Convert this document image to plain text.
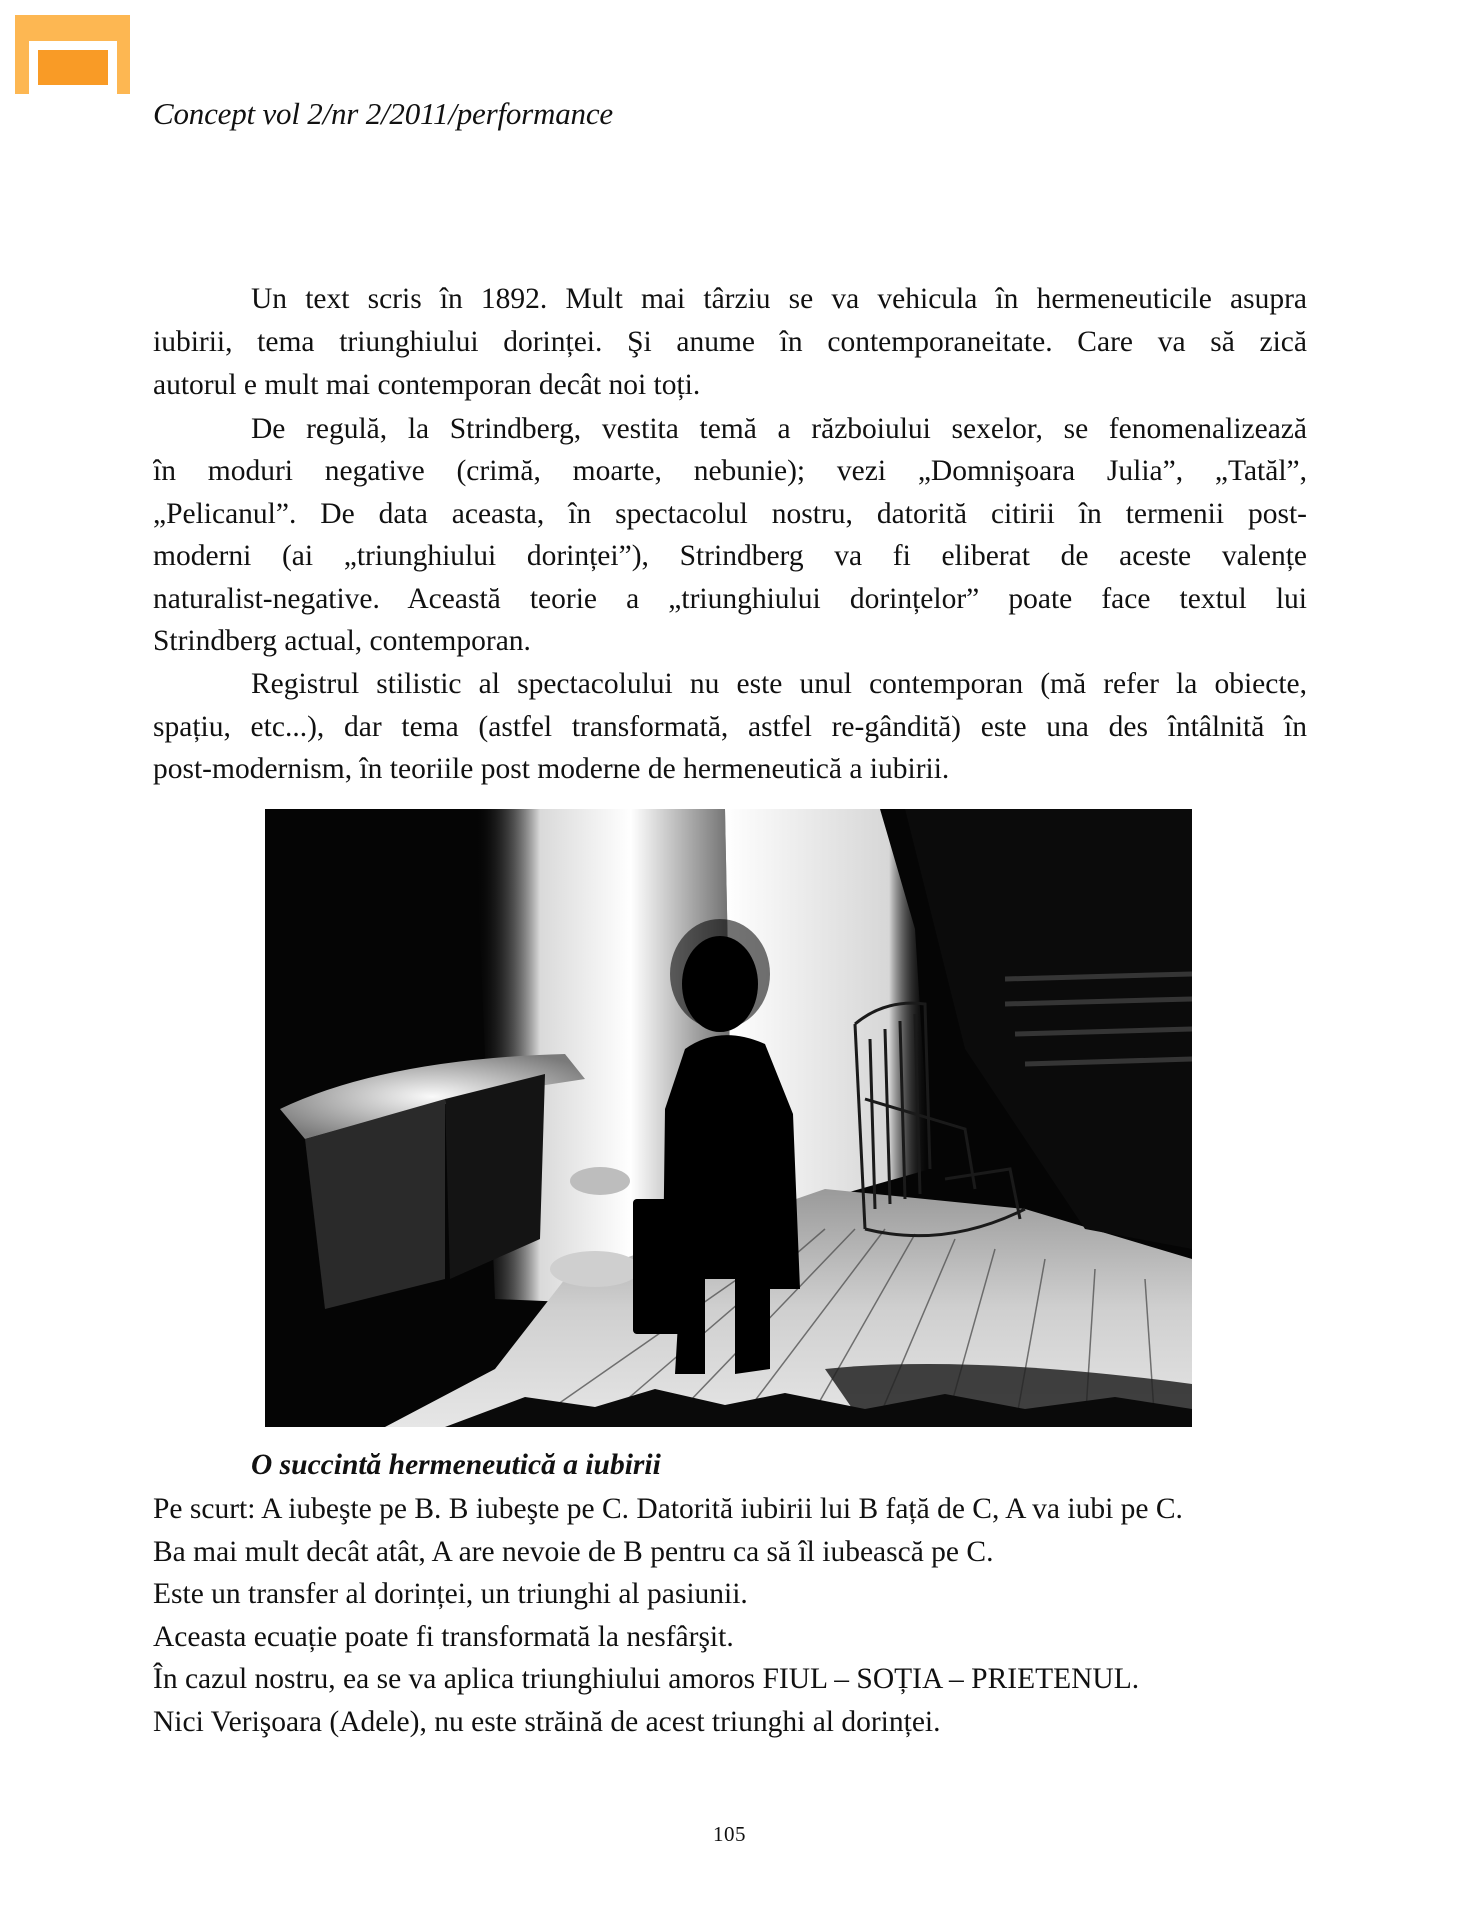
Concept vol 2/nr 2/2011/performance
Un text scris în 1892. Mult mai târziu se va vehicula în hermeneuticile asupra
iubirii, tema triunghiului dorinței. Şi anume în contemporaneitate. Care va să zică
autorul e mult mai contemporan decât noi toți.
De regulă, la Strindberg, vestita temă a războiului sexelor, se fenomenalizează
în moduri negative (crimă, moarte, nebunie); vezi „Domnişoara Julia”, „Tatăl”,
„Pelicanul”. De data aceasta, în spectacolul nostru, datorită citirii în termenii post-
moderni (ai „triunghiului dorinței”), Strindberg va fi eliberat de aceste valențe
naturalist-negative. Această teorie a „triunghiului dorințelor” poate face textul lui
Strindberg actual, contemporan.
Registrul stilistic al spectacolului nu este unul contemporan (mă refer la obiecte,
spațiu, etc...), dar tema (astfel transformată, astfel re-gândită) este una des întâlnită în
post-modernism, în teoriile post moderne de hermeneutică a iubirii.
O succintă hermeneutică a iubirii
Pe scurt: A iubeşte pe B. B iubeşte pe C. Datorită iubirii lui B față de C, A va iubi pe C.
Ba mai mult decât atât, A are nevoie de B pentru ca să îl iubească pe C.
Este un transfer al dorinței, un triunghi al pasiunii.
Aceasta ecuație poate fi transformată la nesfârşit.
În cazul nostru, ea se va aplica triunghiului amoros FIUL – SOȚIA – PRIETENUL.
Nici Verişoara (Adele), nu este străină de acest triunghi al dorinței.
105
